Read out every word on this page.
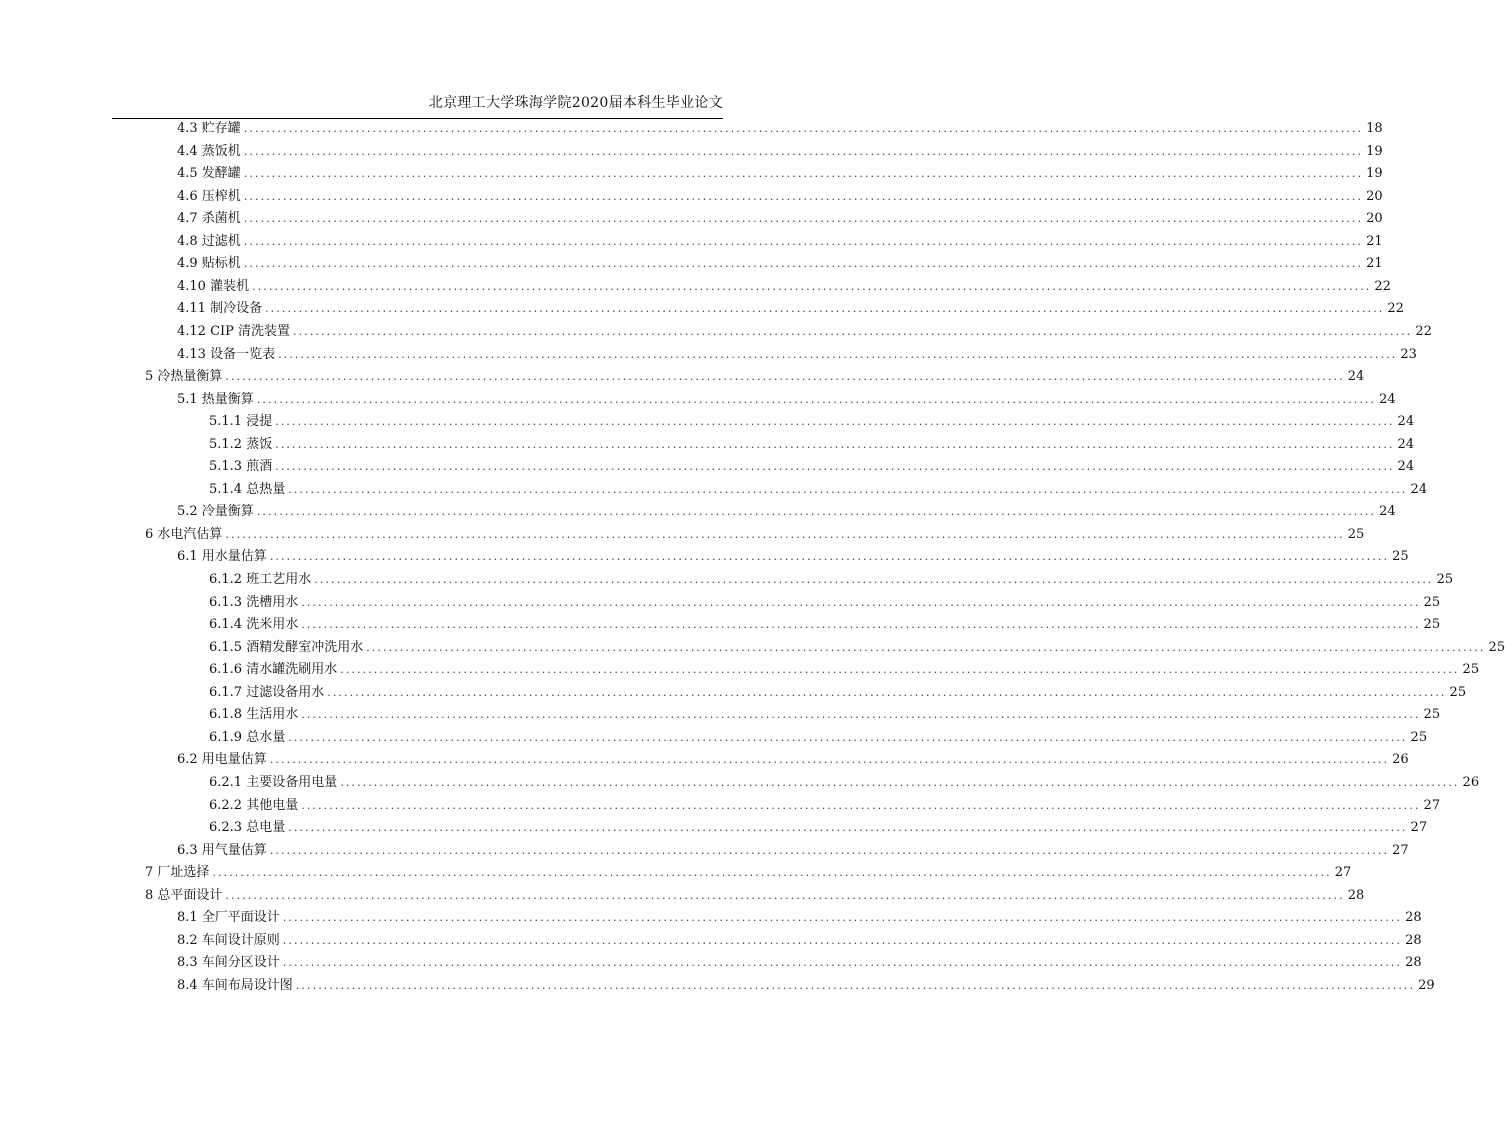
北京理工大学珠海学院2020届本科生毕业论文
4.3 贮存罐 ........................................................................................................................................................................................................ 18
4.4 蒸饭机 ........................................................................................................................................................................................................ 19
4.5 发酵罐 ........................................................................................................................................................................................................ 19
4.6 压榨机 ........................................................................................................................................................................................................ 20
4.7 杀菌机 ........................................................................................................................................................................................................ 20
4.8 过滤机 ........................................................................................................................................................................................................ 21
4.9 贴标机 ........................................................................................................................................................................................................ 21
4.10 灌装机 ........................................................................................................................................................................................................ 22
4.11 制冷设备 ........................................................................................................................................................................................................ 22
4.12 CIP 清洗装置 ........................................................................................................................................................................................................ 22
4.13 设备一览表 ........................................................................................................................................................................................................ 23
5 冷热量衡算 ........................................................................................................................................................................................................ 24
5.1 热量衡算 ........................................................................................................................................................................................................ 24
5.1.1 浸提 ........................................................................................................................................................................................................ 24
5.1.2 蒸饭 ........................................................................................................................................................................................................ 24
5.1.3 煎酒 ........................................................................................................................................................................................................ 24
5.1.4 总热量 ........................................................................................................................................................................................................ 24
5.2 冷量衡算 ........................................................................................................................................................................................................ 24
6 水电汽估算 ........................................................................................................................................................................................................ 25
6.1 用水量估算 ........................................................................................................................................................................................................ 25
6.1.2 班工艺用水 ........................................................................................................................................................................................................ 25
6.1.3 洗槽用水 ........................................................................................................................................................................................................ 25
6.1.4 洗米用水 ........................................................................................................................................................................................................ 25
6.1.5 酒精发酵室冲洗用水 ........................................................................................................................................................................................................ 25
6.1.6 清水罐洗刷用水 ........................................................................................................................................................................................................ 25
6.1.7 过滤设备用水 ........................................................................................................................................................................................................ 25
6.1.8 生活用水 ........................................................................................................................................................................................................ 25
6.1.9 总水量 ........................................................................................................................................................................................................ 25
6.2 用电量估算 ........................................................................................................................................................................................................ 26
6.2.1 主要设备用电量 ........................................................................................................................................................................................................ 26
6.2.2 其他电量 ........................................................................................................................................................................................................ 27
6.2.3 总电量 ........................................................................................................................................................................................................ 27
6.3 用气量估算 ........................................................................................................................................................................................................ 27
7 厂址选择 ........................................................................................................................................................................................................ 27
8 总平面设计 ........................................................................................................................................................................................................ 28
8.1 全厂平面设计 ........................................................................................................................................................................................................ 28
8.2 车间设计原则 ........................................................................................................................................................................................................ 28
8.3 车间分区设计 ........................................................................................................................................................................................................ 28
8.4 车间布局设计图 ........................................................................................................................................................................................................ 29
